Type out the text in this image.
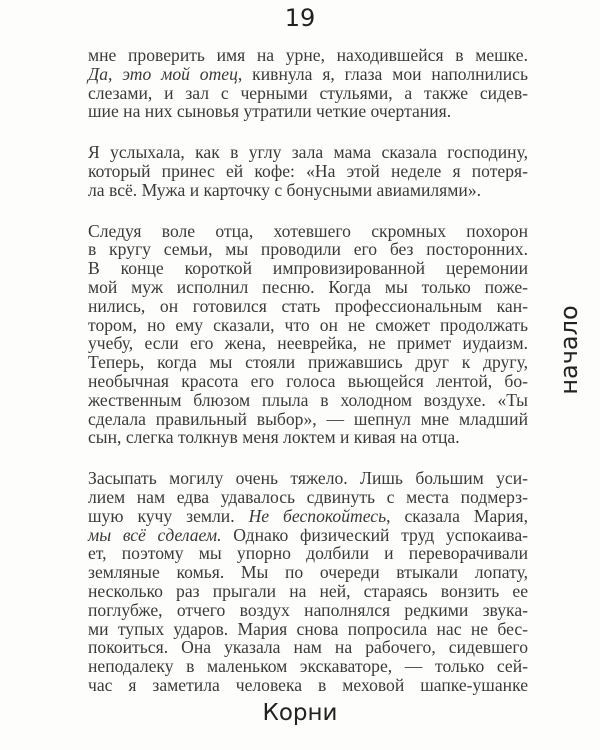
19
мне проверить имя на урне, находившейся в мешке.
Да, это мой отец, кивнула я, глаза мои наполнились
слезами, и зал с черными стульями, а также сидев-
шие на них сыновья утратили четкие очертания.
Я услыхала, как в углу зала мама сказала господину,
который принес ей кофе: «На этой неделе я потеря-
ла всё. Мужа и карточку с бонусными авиамилями».
Следуя воле отца, хотевшего скромных похорон
в кругу семьи, мы проводили его без посторонних.
В конце короткой импровизированной церемонии
мой муж исполнил песню. Когда мы только поже-
нились, он готовился стать профессиональным кан-
тором, но ему сказали, что он не сможет продолжать
учебу, если его жена, нееврейка, не примет иудаизм.
Теперь, когда мы стояли прижавшись друг к другу,
необычная красота его голоса вьющейся лентой, бо-
жественным блюзом плыла в холодном воздухе. «Ты
сделала правильный выбор», — шепнул мне младший
сын, слегка толкнув меня локтем и кивая на отца.
Засыпать могилу очень тяжело. Лишь большим уси-
лием нам едва удавалось сдвинуть с места подмерз-
шую кучу земли. Не беспокойтесь, сказала Мария,
мы всё сделаем. Однако физический труд успокаива-
ет, поэтому мы упорно долбили и переворачивали
земляные комья. Мы по очереди втыкали лопату,
несколько раз прыгали на ней, стараясь вонзить ее
поглубже, отчего воздух наполнялся редкими звука-
ми тупых ударов. Мария снова попросила нас не бес-
покоиться. Она указала нам на рабочего, сидевшего
неподалеку в маленьком экскаваторе, — только сей-
час я заметила человека в меховой шапке-ушанке
начало
Корни
